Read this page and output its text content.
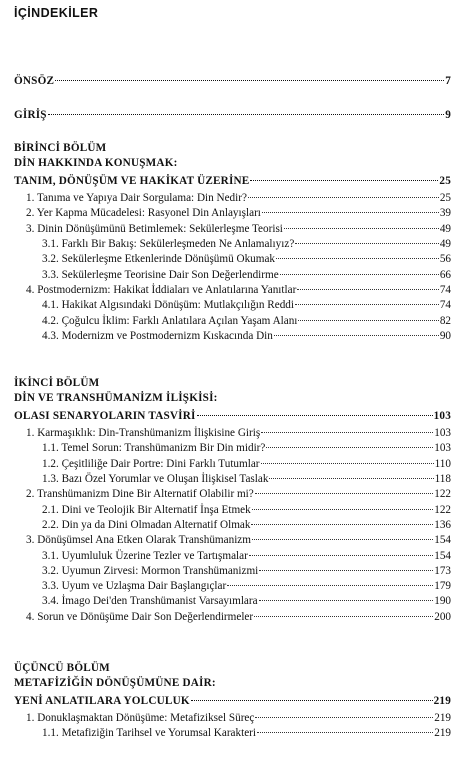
İÇİNDEKİLER
ÖNSÖZ	7
GİRİŞ	9
BİRİNCİ BÖLÜM
DİN HAKKINDA KONUŞMAK:
TANIM, DÖNÜŞÜM VE HAKİKAT ÜZERİNE	25
1. Tanıma ve Yapıya Dair Sorgulama: Din Nedir?	25
2. Yer Kapma Mücadelesi: Rasyonel Din Anlayışları	39
3. Dinin Dönüşümünü Betimlemek: Sekülerleşme Teorisi	49
3.1. Farklı Bir Bakış: Sekülerleşmeden Ne Anlamalıyız?	49
3.2. Sekülerleşme Etkenlerinde Dönüşümü Okumak	56
3.3. Sekülerleşme Teorisine Dair Son Değerlendirme	66
4. Postmodernizm: Hakikat İddiaları ve Anlatılarına Yanıtlar	74
4.1. Hakikat Algısındaki Dönüşüm: Mutlakçılığın Reddi	74
4.2. Çoğulcu İklim: Farklı Anlatılara Açılan Yaşam Alanı	82
4.3. Modernizm ve Postmodernizm Kıskacında Din	90
İKİNCİ BÖLÜM
DİN VE TRANSHÜMANİZM İLİŞKİSİ:
OLASI SENARYOLARIN TASVİRİ	103
1. Karmaşıklık: Din-Transhümanizm İlişkisine Giriş	103
1.1. Temel Sorun: Transhümanizm Bir Din midir?	103
1.2. Çeşitliliğe Dair Portre: Dini Farklı Tutumlar	110
1.3. Bazı Özel Yorumlar ve Oluşan İlişkisel Taslak	118
2. Transhümanizm Dine Bir Alternatif Olabilir mi?	122
2.1. Dini ve Teolojik Bir Alternatif İnşa Etmek	122
2.2. Din ya da Dini Olmadan Alternatif Olmak	136
3. Dönüşümsel Ana Etken Olarak Transhümanizm	154
3.1. Uyumluluk Üzerine Tezler ve Tartışmalar	154
3.2. Uyumun Zirvesi: Mormon Transhümanizmi	173
3.3. Uyum ve Uzlaşma Dair Başlangıçlar	179
3.4. İmago Dei'den Transhümanist Varsayımlara	190
4. Sorun ve Dönüşüme Dair Son Değerlendirmeler	200
ÜÇÜNCÜ BÖLÜM
METAFİZİĞİN DÖNÜŞÜMÜNE DAİR:
YENİ ANLATILARA YOLCULUK	219
1. Donuklaşmaktan Dönüşüme: Metafiziksel Süreç	219
1.1. Metafiziğin Tarihsel ve Yorumsal Karakteri	219
